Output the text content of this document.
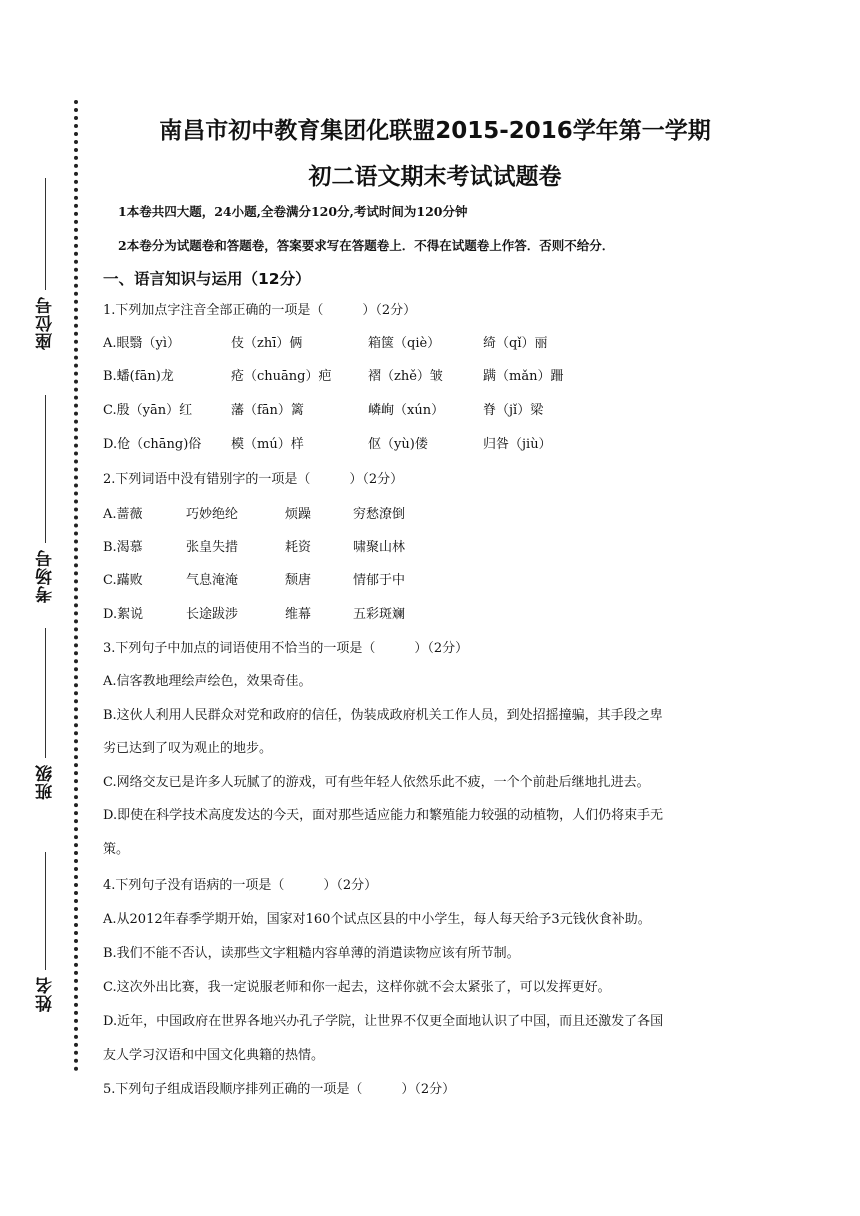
座位号
考场号
班级
姓名
南昌市初中教育集团化联盟2015-2016学年第一学期
初二语文期末考试试题卷
1本卷共四大题，24小题,全卷满分120分,考试时间为120分钟
2本卷分为试题卷和答题卷，答案要求写在答题卷上．不得在试题卷上作答．否则不给分．
一、语言知识与运用（12分）
1.下列加点字注音全部正确的一项是（　　　）（2分）
A.眼翳（yì）	伎（zhī）俩	箱箧（qiè）	绮（qǐ）丽
B.蟠(fān)龙	疮（chuāng）疤	褶（zhě）皱	蹒（mǎn）跚
C.殷（yān）红	藩（fān）篱	嶙峋（xún）	脊（jǐ）梁
D.伧（chāng)俗 模（mú）样	伛（yù)偻	归咎（jiù）
2.下列词语中没有错别字的一项是（　　　）（2分）
A.蔷薇	巧妙绝纶	烦躁	穷愁潦倒
B.渴慕	张皇失措	耗资	啸聚山林
C.蹣败	气息淹淹	颓唐	情郁于中
D.絮说	长途跋涉	维幕	五彩斑斓
3.下列句子中加点的词语使用不恰当的一项是（　　　）（2分）
A.信客教地理绘声绘色，效果奇佳。
B.这伙人利用人民群众对党和政府的信任，伪装成政府机关工作人员，到处招摇撞骗，其手段之卑
劣已达到了叹为观止的地步。
C.网络交友已是许多人玩腻了的游戏，可有些年轻人依然乐此不疲，一个个前赴后继地扎进去。
D.即使在科学技术高度发达的今天，面对那些适应能力和繁殖能力较强的动植物，人们仍将束手无
策。
4.下列句子没有语病的一项是（　　　）（2分）
A.从2012年春季学期开始，国家对160个试点区县的中小学生，每人每天给予3元钱伙食补助。
B.我们不能不否认，读那些文字粗糙内容单薄的消遣读物应该有所节制。
C.这次外出比赛，我一定说服老师和你一起去，这样你就不会太紧张了，可以发挥更好。
D.近年，中国政府在世界各地兴办孔子学院，让世界不仅更全面地认识了中国，而且还激发了各国
友人学习汉语和中国文化典籍的热情。
5.下列句子组成语段顺序排列正确的一项是（　　　）（2分）
